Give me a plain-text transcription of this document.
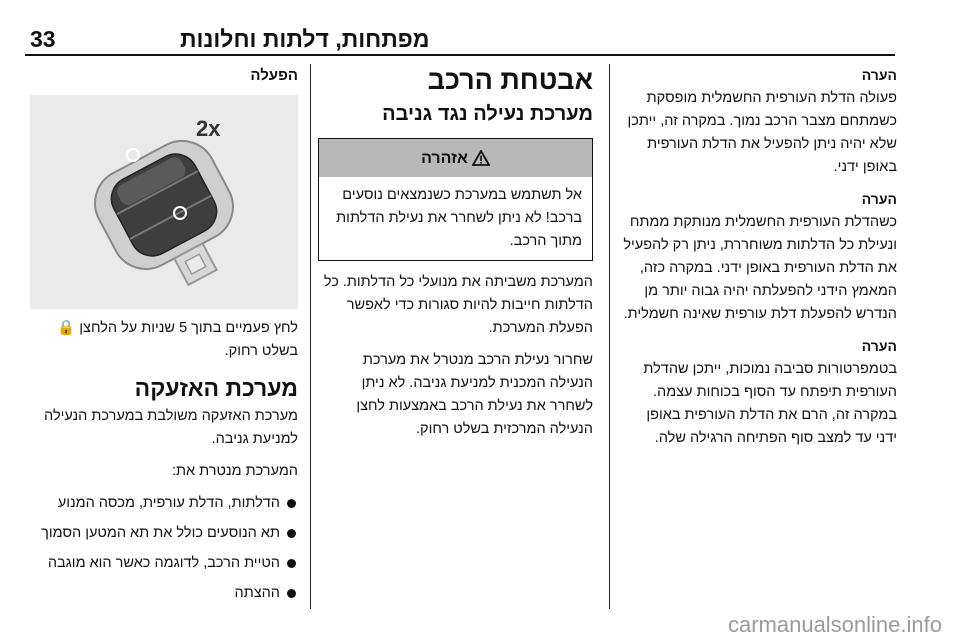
33	מפתחות, דלתות וחלונות
הערה
פעולה הדלת העורפית החשמלית מופסקת כשמתחם מצבר הרכב נמוך. במקרה זה, ייתכן שלא יהיה ניתן להפעיל את הדלת העורפית באופן ידני.
הערה
כשהדלת העורפית החשמלית מנותקת ממתח ונעילת כל הדלתות משוחררת, ניתן רק להפעיל את הדלת העורפית באופן ידני. במקרה כזה, המאמץ הידני להפעלתה יהיה גבוה יותר מן הנדרש להפעלת דלת עורפית שאינה חשמלית.
הערה
בטמפרטורות סביבה נמוכות, ייתכן שהדלת העורפית תיפתח עד הסוף בכוחות עצמה. במקרה זה, הרם את הדלת העורפית באופן ידני עד למצב סוף הפתיחה הרגילה שלה.
אבטחת הרכב
מערכת נעילה נגד גניבה
אזהרה
אל תשתמש במערכת כשנמצאים נוסעים ברכב! לא ניתן לשחרר את נעילת הדלתות מתוך הרכב.
המערכת משביתה את מנועלי כל הדלתות. כל הדלתות חייבות להיות סגורות כדי לאפשר הפעלת המערכת.
שחרור נעילת הרכב מנטרל את מערכת הנעילה המכנית למניעת גניבה. לא ניתן לשחרר את נעילת הרכב באמצעות לחצן הנעילה המרכזית בשלט רחוק.
הפעלה
2x
לחץ פעמיים בתוך 5 שניות על הלחצן 🔒 בשלט רחוק.
מערכת האזעקה
מערכת האזעקה משולבת במערכת הנעילה למניעת גניבה.
המערכת מנטרת את:
הדלתות, הדלת עורפית, מכסה המנוע
תא הנוסעים כולל את תא המטען הסמוך
הטיית הרכב, לדוגמה כאשר הוא מוגבה
ההצתה
carmanualsonline.info
